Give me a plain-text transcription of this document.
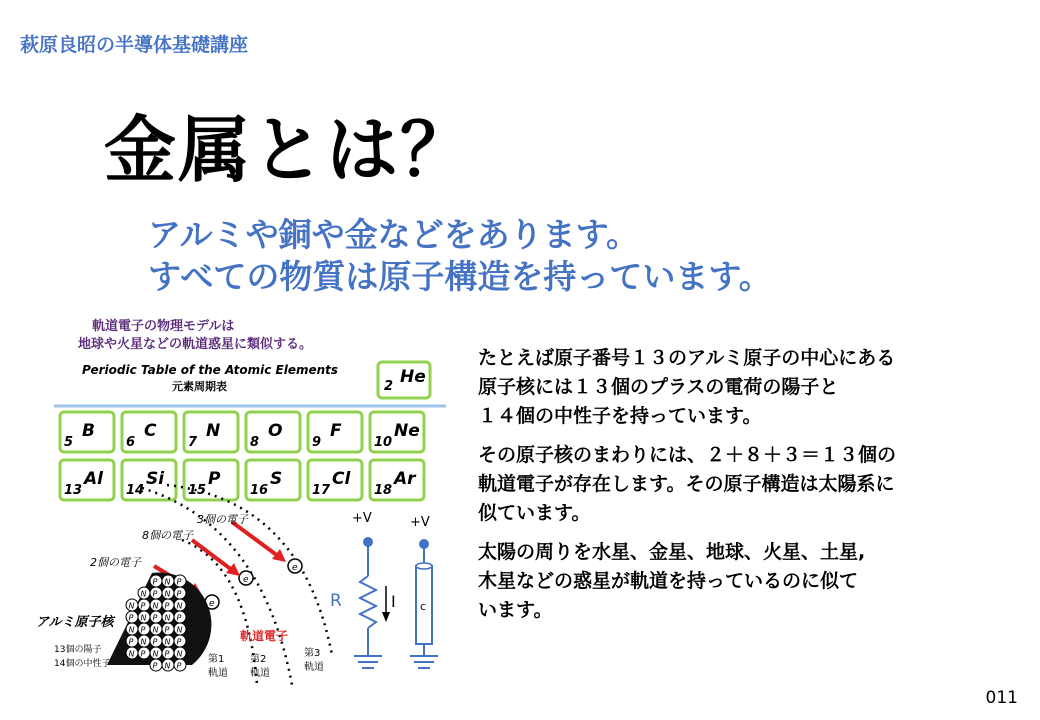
萩原良昭の半導体基礎講座
金属とは？
アルミや銅や金などをあります。
すべての物質は原子構造を持っています。
軌道電子の物理モデルは
地球や火星などの軌道惑星に類似する。
Periodic Table of the Atomic Elements
元素周期表	2 He
5
B
6
C
7
N
8
O
9
F
10
Ne
13
Al
14
Si
15
P
16
S
17
Cl
18
Ar
e
e
e
3個の電子
8個の電子
2個の電子
P N P
N P N P
N P N P N
P N P N P
N P N P N
P N P N P
N P N P N
P N P
アルミ原子核
13個の陽子
14個の中性子
軌道電子
第1
軌道
第2
軌道
第3
軌道
+V
R	I
+V
c

たとえば原子番号１３のアルミ原子の中心にある
原子核には１３個のプラスの電荷の陽子と
１４個の中性子を持っています。

その原子核のまわりには、２＋８＋３＝１３個の
軌道電子が存在します。その原子構造は太陽系に
似ています。

太陽の周りを水星、金星、地球、火星、土星,
木星などの惑星が軌道を持っているのに似て
います。

011
